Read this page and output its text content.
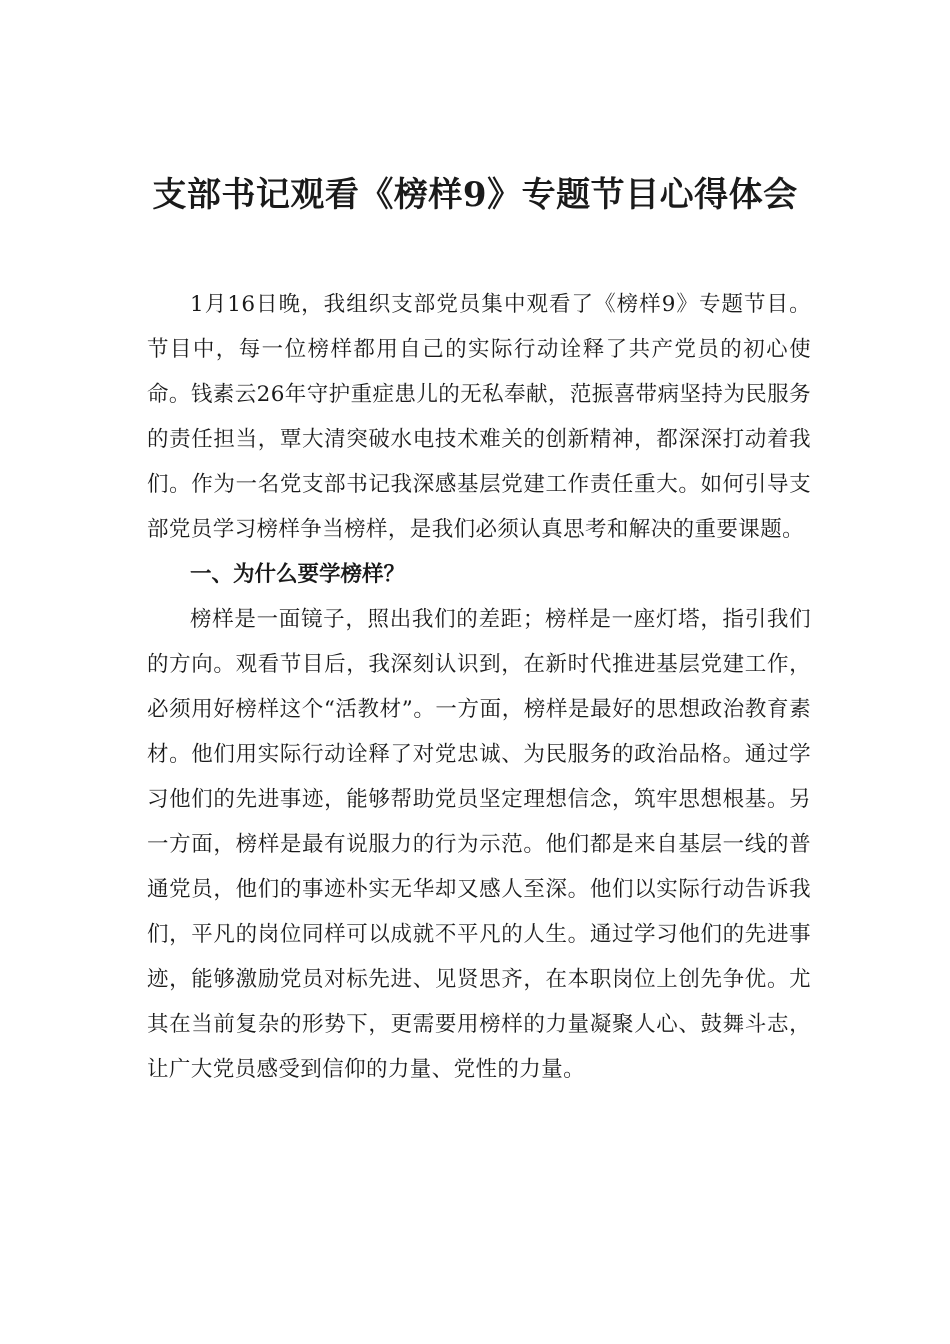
支部书记观看《榜样9》专题节目心得体会

1月16日晚，我组织支部党员集中观看了《榜样9》专题节目。节目中，每一位榜样都用自己的实际行动诠释了共产党员的初心使命。钱素云26年守护重症患儿的无私奉献，范振喜带病坚持为民服务的责任担当，覃大清突破水电技术难关的创新精神，都深深打动着我们。作为一名党支部书记我深感基层党建工作责任重大。如何引导支部党员学习榜样争当榜样，是我们必须认真思考和解决的重要课题。

一、为什么要学榜样？

榜样是一面镜子，照出我们的差距；榜样是一座灯塔，指引我们的方向。观看节目后，我深刻认识到，在新时代推进基层党建工作，必须用好榜样这个“活教材”。一方面，榜样是最好的思想政治教育素材。他们用实际行动诠释了对党忠诚、为民服务的政治品格。通过学习他们的先进事迹，能够帮助党员坚定理想信念，筑牢思想根基。另一方面，榜样是最有说服力的行为示范。他们都是来自基层一线的普通党员，他们的事迹朴实无华却又感人至深。他们以实际行动告诉我们，平凡的岗位同样可以成就不平凡的人生。通过学习他们的先进事迹，能够激励党员对标先进、见贤思齐，在本职岗位上创先争优。尤其在当前复杂的形势下，更需要用榜样的力量凝聚人心、鼓舞斗志，让广大党员感受到信仰的力量、党性的力量。
